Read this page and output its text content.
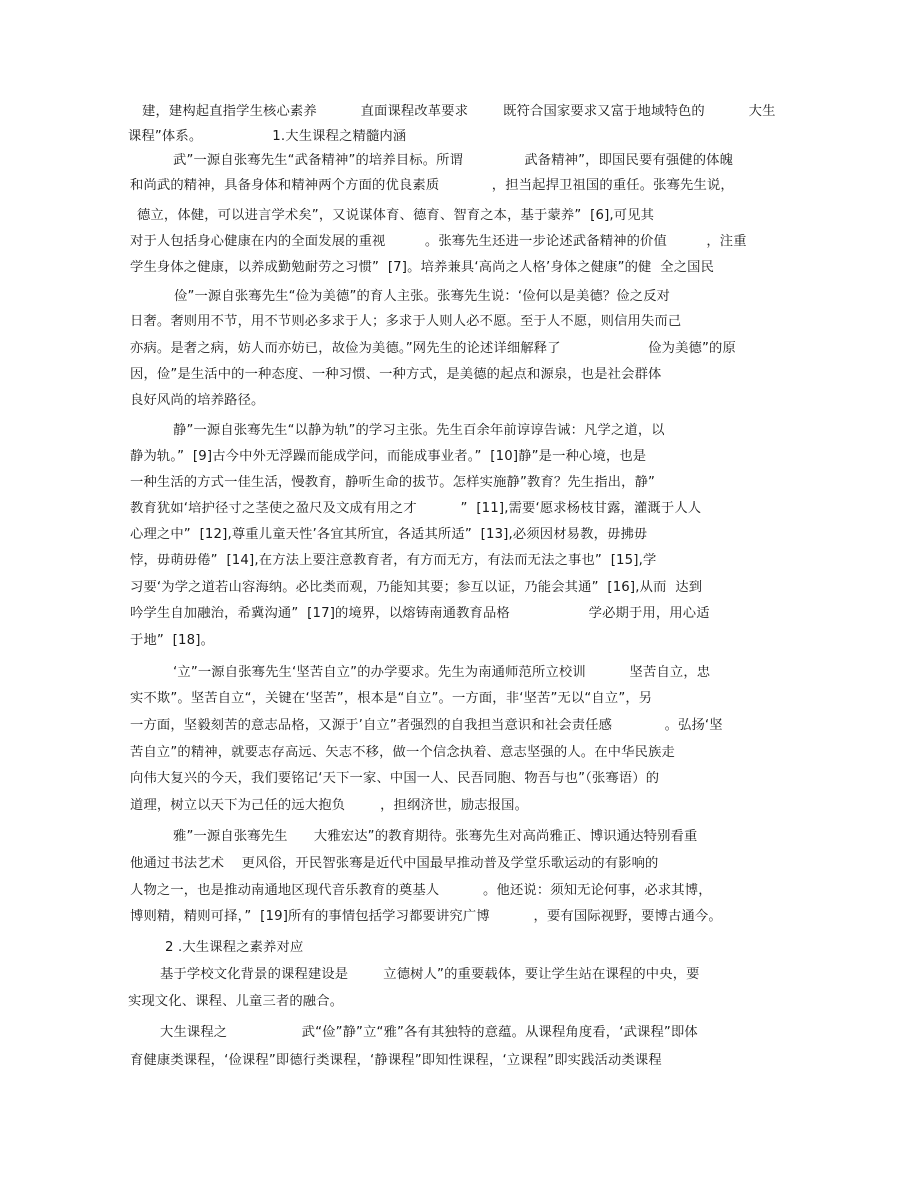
建，建构起直指学生核心素养          直面课程改革要求        既符合国家要求又富于地域特色的          大生
课程”体系。                1.大生课程之精髓内涵
武”一源自张骞先生“武备精神”的培养目标。所谓              武备精神”，即国民要有强健的体魄
和尚武的精神，具备身体和精神两个方面的优良素质            ，担当起捍卫祖国的重任。张骞先生说，
德立，体健，可以进言学术矣”，又说谋体育、德育、智育之本，基于蒙养”  [6],可见其
对于人包括身心健康在内的全面发展的重视         。张骞先生还进一步论述武备精神的价值         ，注重
学生身体之健康，以养成勤勉耐劳之习惯”  [7]。培养兼具‘高尚之人格’身体之健康”的健  全之国民
俭”一源自张骞先生“俭为美德”的育人主张。张骞先生说：‘俭何以是美德？俭之反对
日奢。奢则用不节，用不节则必多求于人；多求于人则人必不愿。至于人不愿，则信用失而己
亦病。是奢之病，妨人而亦妨已，故俭为美德。”网先生的论述详细解释了                    俭为美德”的原
因，俭”是生活中的一种态度、一种习惯、一种方式，是美德的起点和源泉，也是社会群体
良好风尚的培养路径。
静”一源自张骞先生“以静为轨”的学习主张。先生百余年前谆谆告诫：凡学之道，以
静为轨。”  [9]古今中外无浮躁而能成学问，而能成事业者。”  [10]静”是一种心境，也是
一种生活的方式一佳生活，慢教育，静听生命的拔节。怎样实施静”教育？先生指出，静”
教育犹如‘培护径寸之茎使之盈尺及文成有用之才          ”  [11],需要‘愿求杨枝甘露，灌溉于人人
心理之中”  [12],尊重儿童天性’各宜其所宜，各适其所适”  [13],必须因材易教，毋拂毋
悖，毋萌毋倦”  [14],在方法上要注意教育者，有方而无方，有法而无法之事也”  [15],学
习要‘为学之道若山容海纳。必比类而观，乃能知其要；参互以证，乃能会其通”  [16],从而  达到
吟学生自加融治，希冀沟通”  [17]的境界，以熔铸南通教育品格                  学必期于用，用心适
于地”  [18]。
‘立”一源自张骞先生‘坚苦自立”的办学要求。先生为南通师范所立校训          坚苦自立，忠
实不欺”。坚苦自立“，关键在‘坚苦”，根本是“自立”。一方面，非‘坚苦”无以“自立”，另
一方面，坚毅刻苦的意志品格，又源于’自立”者强烈的自我担当意识和社会责任感            。弘扬‘坚
苦自立”的精神，就要志存高远、矢志不移，做一个信念执着、意志坚强的人。在中华民族走
向伟大复兴的今天，我们要铭记‘天下一家、中国一人、民吾同胞、物吾与也”（张骞语）的
道理，树立以天下为己任的远大抱负        ，担纲济世，励志报国。
雅”一源自张骞先生      大雅宏达”的教育期待。张骞先生对高尚雅正、博识通达特别看重
他通过书法艺术    更风俗，开民智张骞是近代中国最早推动普及学堂乐歌运动的有影响的
人物之一，也是推动南通地区现代音乐教育的奠基人          。他还说：须知无论何事，必求其博，
博则精，精则可择，”  [19]所有的事情包括学习都要讲究广博          ，要有国际视野，要博古通今。
2 .大生课程之素养对应
基于学校文化背景的课程建设是        立德树人”的重要载体，要让学生站在课程的中央，要
实现文化、课程、儿童三者的融合。
大生课程之                 武“俭”静”立“雅”各有其独特的意蕴。从课程角度看，‘武课程”即体
育健康类课程，‘俭课程”即德行类课程，‘静课程”即知性课程，‘立课程”即实践活动类课程
